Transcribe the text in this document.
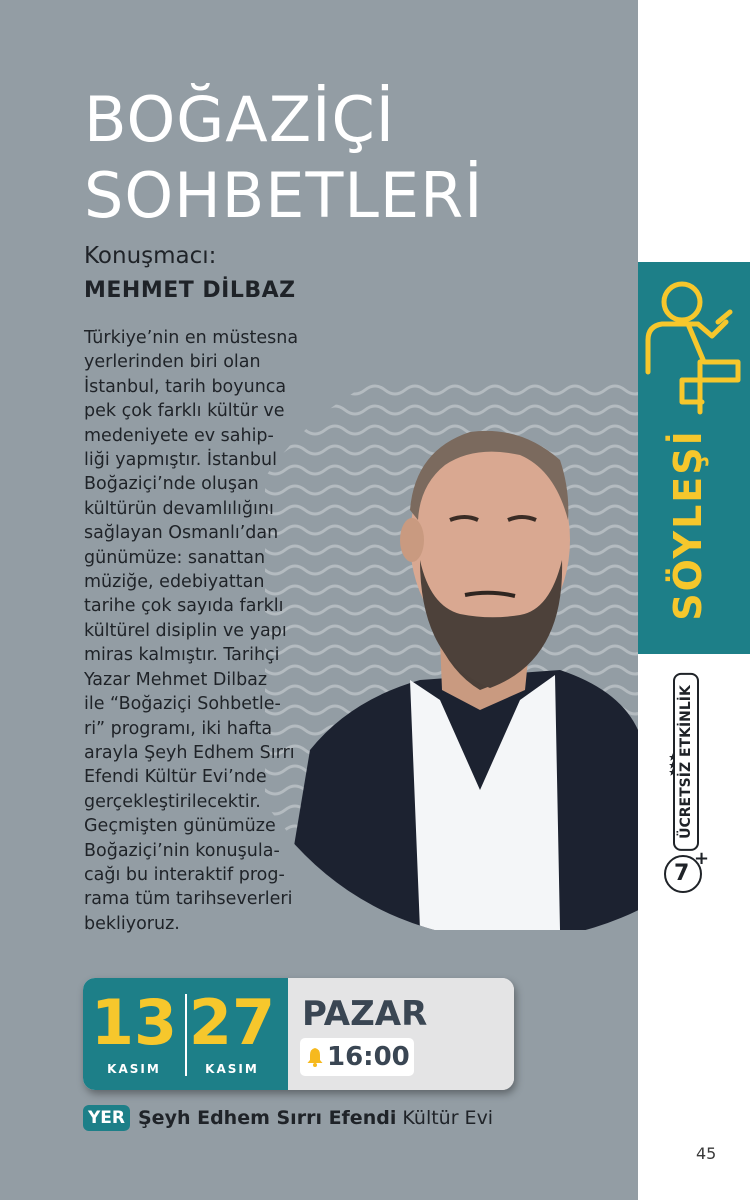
BOĞAZİÇİ
SOHBETLERİ
Konuşmacı:
MEHMET DİLBAZ
Türkiye’nin en müstesna
yerlerinden biri olan
İstanbul, tarih boyunca
pek çok farklı kültür ve
medeniyete ev sahip-
liği yapmıştır. İstanbul
Boğaziçi’nde oluşan
kültürün devamlılığını
sağlayan Osmanlı’dan
günümüze: sanattan
müziğe, edebiyattan
tarihe çok sayıda farklı
kültürel disiplin ve yapı
miras kalmıştır. Tarihçi
Yazar Mehmet Dilbaz
ile “Boğaziçi Sohbetle-
ri” programı, iki hafta
arayla Şeyh Edhem Sırrı
Efendi Kültür Evi’nde
gerçekleştirilecektir.
Geçmişten günümüze
Boğaziçi’nin konuşula-
cağı bu interaktif prog-
rama tüm tarihseverleri
bekliyoruz.
13
KASIM
27
KASIM
PAZAR
16:00
YER Şeyh Edhem Sırrı Efendi Kültür Evi
SÖYLEŞİ
ÜCRETSİZ ETKİNLİK
7
+
45
